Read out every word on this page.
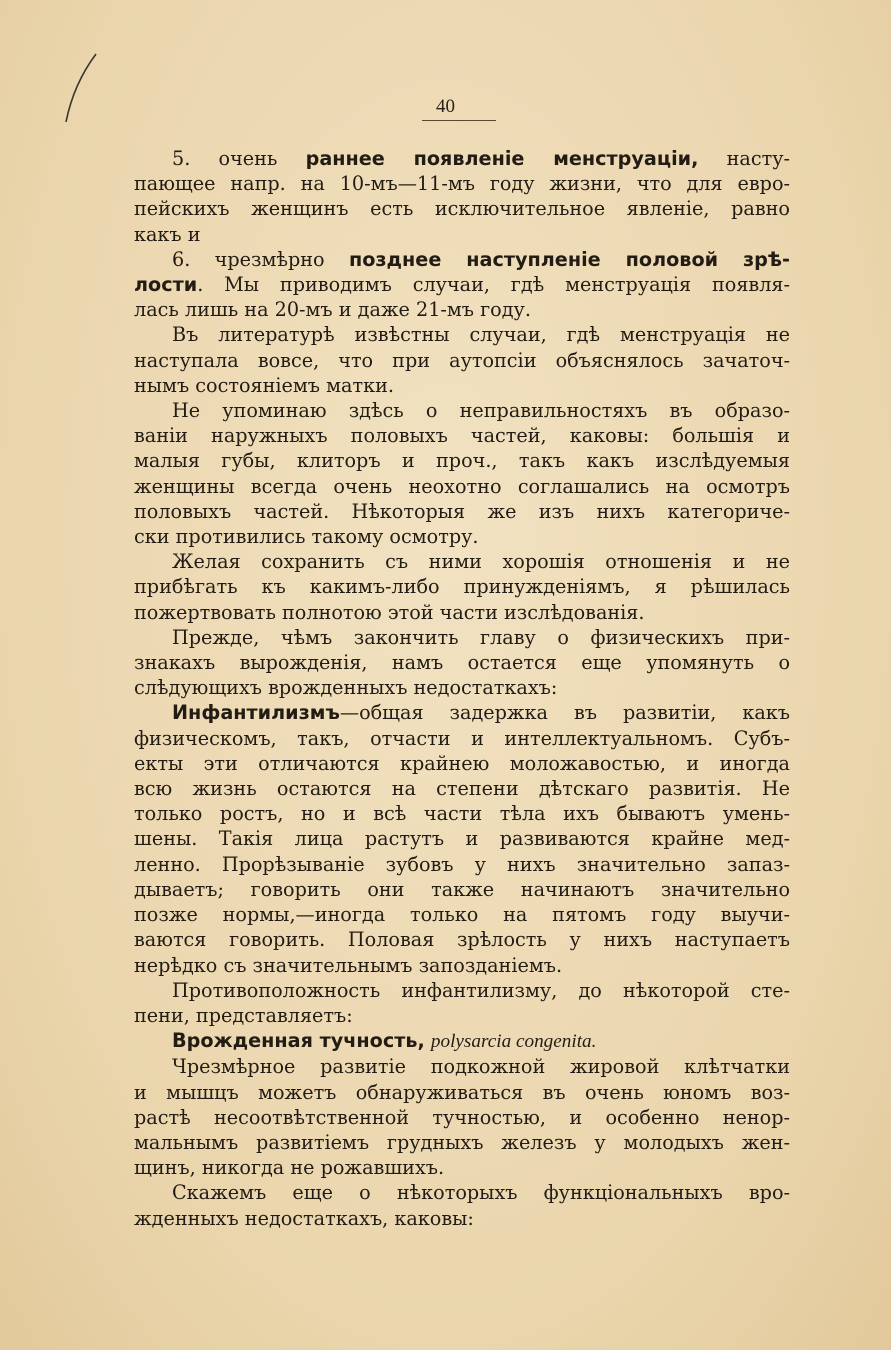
40
5. очень раннее появленіе менструаціи, насту-
пающее напр. на 10-мъ—11-мъ году жизни, что для евро-
пейскихъ женщинъ есть исключительное явленіе, равно
какъ и
6. чрезмѣрно позднее наступленіе половой зрѣ-
лости. Мы приводимъ случаи, гдѣ менструація появля-
лась лишь на 20-мъ и даже 21-мъ году.
Въ литературѣ извѣстны случаи, гдѣ менструація не
наступала вовсе, что при аутопсіи объяснялось зачаточ-
нымъ состояніемъ матки.
Не упоминаю здѣсь о неправильностяхъ въ образо-
ваніи наружныхъ половыхъ частей, каковы: большія и
малыя губы, клиторъ и проч., такъ какъ изслѣдуемыя
женщины всегда очень неохотно соглашались на осмотръ
половыхъ частей. Нѣкоторыя же изъ нихъ категориче-
ски противились такому осмотру.
Желая сохранить съ ними хорошія отношенія и не
прибѣгать къ какимъ-либо принужденіямъ, я рѣшилась
пожертвовать полнотою этой части изслѣдованія.
Прежде, чѣмъ закончить главу о физическихъ при-
знакахъ вырожденія, намъ остается еще упомянуть о
слѣдующихъ врожденныхъ недостаткахъ:
Инфантилизмъ—общая задержка въ развитіи, какъ
физическомъ, такъ, отчасти и интеллектуальномъ. Субъ-
екты эти отличаются крайнею моложавостью, и иногда
всю жизнь остаются на степени дѣтскаго развитія. Не
только ростъ, но и всѣ части тѣла ихъ бываютъ умень-
шены. Такія лица растутъ и развиваются крайне мед-
ленно. Прорѣзываніе зубовъ у нихъ значительно запаз-
дываетъ; говорить они также начинаютъ значительно
позже нормы,—иногда только на пятомъ году выучи-
ваются говорить. Половая зрѣлость у нихъ наступаетъ
нерѣдко съ значительнымъ запозданіемъ.
Противоположность инфантилизму, до нѣкоторой сте-
пени, представляетъ:
Врожденная тучность, polysarcia congenita.
Чрезмѣрное развитіе подкожной жировой клѣтчатки
и мышцъ можетъ обнаруживаться въ очень юномъ воз-
растѣ несоотвѣтственной тучностью, и особенно ненор-
мальнымъ развитіемъ грудныхъ железъ у молодыхъ жен-
щинъ, никогда не рожавшихъ.
Скажемъ еще о нѣкоторыхъ функціональныхъ вро-
жденныхъ недостаткахъ, каковы:
